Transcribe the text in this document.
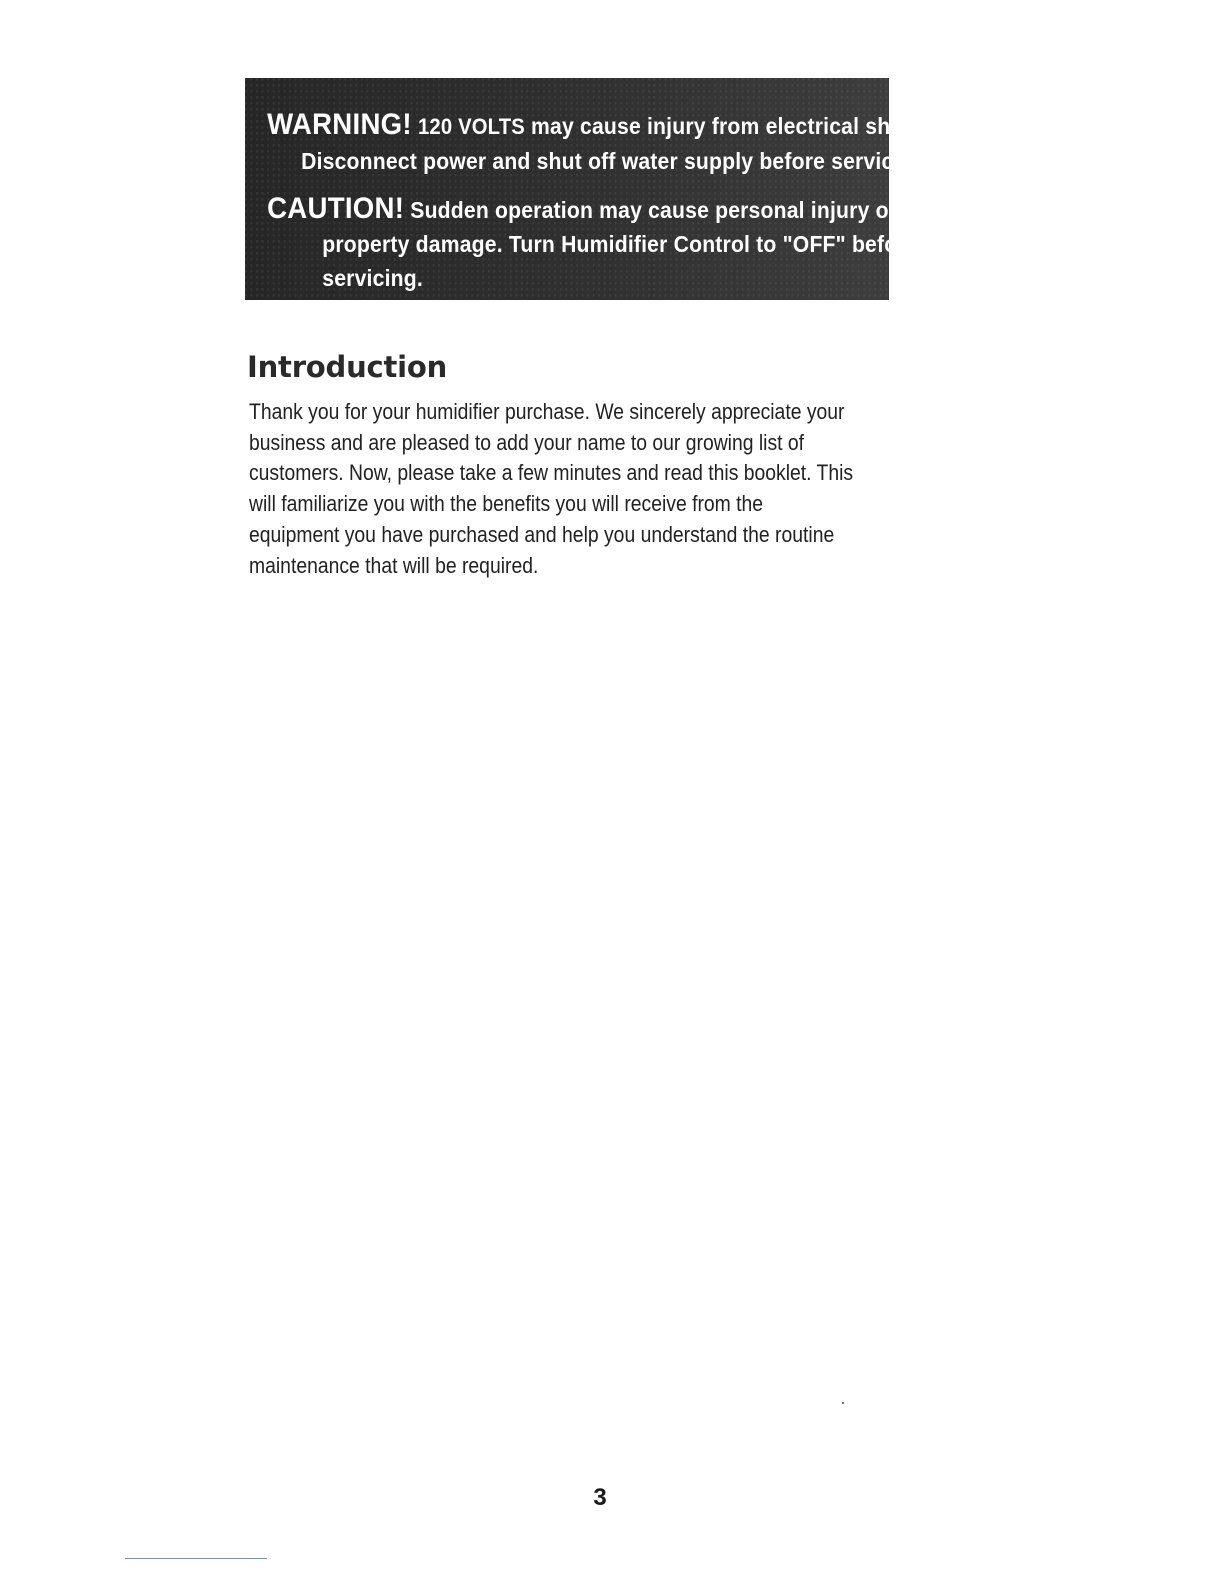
WARNING! 120 VOLTS may cause injury from electrical shock.
Disconnect power and shut off water supply before servicing.
CAUTION! Sudden operation may cause personal injury or
property damage. Turn Humidifier Control to "OFF" before
servicing.
Introduction

Thank you for your humidifier purchase. We sincerely appreciate your
business and are pleased to add your name to our growing list of
customers. Now, please take a few minutes and read this booklet. This
will familiarize you with the benefits you will receive from the
equipment you have purchased and help you understand the routine
maintenance that will be required.

3
